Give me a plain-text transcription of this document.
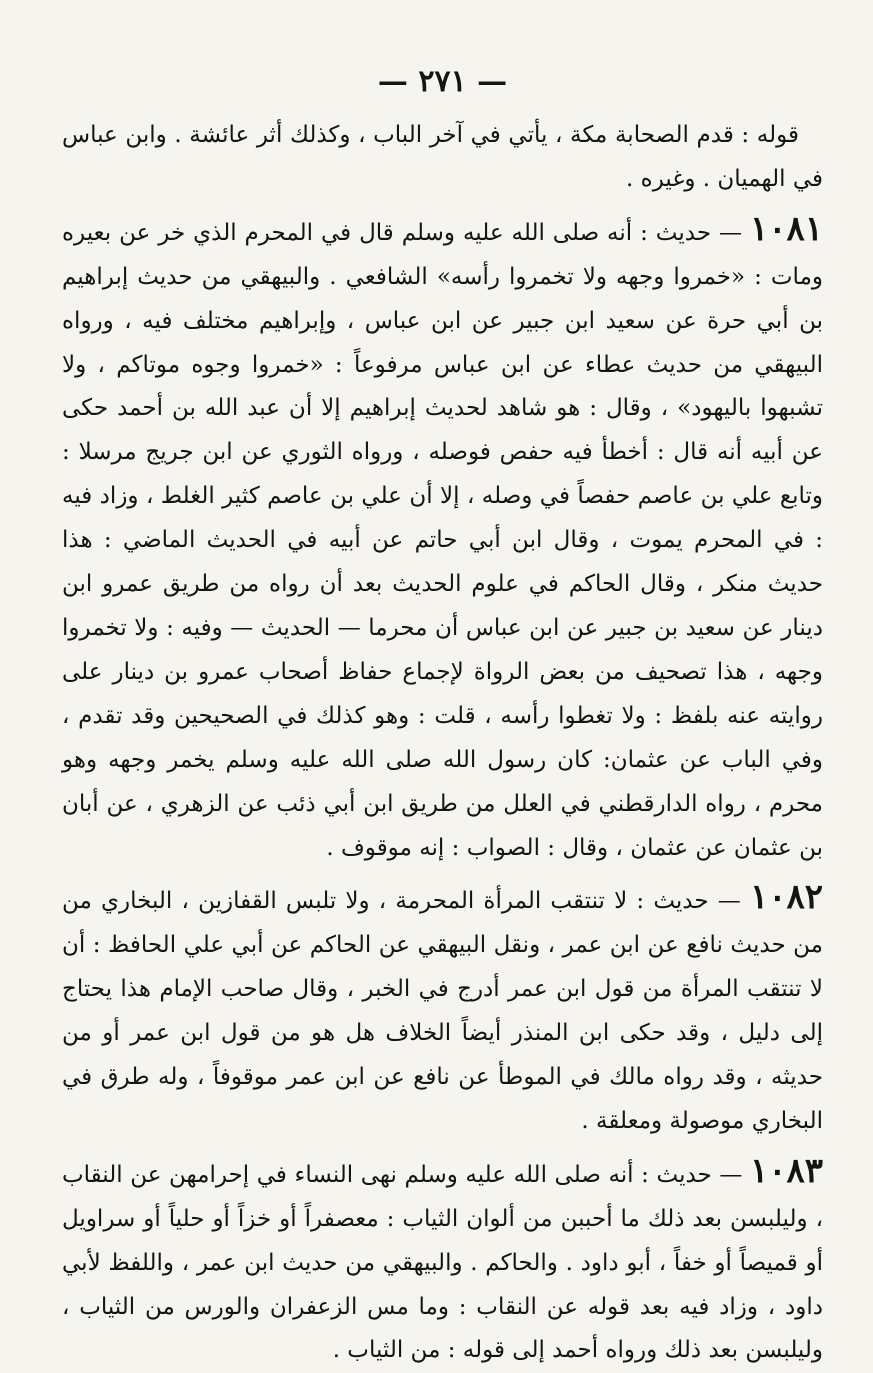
— ٢٧١ —

قوله : قدم الصحابة مكة ، يأتي في آخر الباب ، وكذلك أثر عائشة . وابن عباس في الهميان . وغيره .

١٠٨١ — حديث : أنه صلى الله عليه وسلم قال في المحرم الذي خر عن بعيره ومات : «خمروا وجهه ولا تخمروا رأسه» الشافعي . والبيهقي من حديث إبراهيم بن أبي حرة عن سعيد ابن جبير عن ابن عباس ، وإبراهيم مختلف فيه ، ورواه البيهقي من حديث عطاء عن ابن عباس مرفوعاً : «خمروا وجوه موتاكم ، ولا تشبهوا باليهود» ، وقال : هو شاهد لحديث إبراهيم إلا أن عبد الله بن أحمد حكى عن أبيه أنه قال : أخطأ فيه حفص فوصله ، ورواه الثوري عن ابن جريج مرسلا : وتابع علي بن عاصم حفصاً في وصله ، إلا أن علي بن عاصم كثير الغلط ، وزاد فيه : في المحرم يموت ، وقال ابن أبي حاتم عن أبيه في الحديث الماضي : هذا حديث منكر ، وقال الحاكم في علوم الحديث بعد أن رواه من طريق عمرو ابن دينار عن سعيد بن جبير عن ابن عباس أن محرما — الحديث — وفيه : ولا تخمروا وجهه ، هذا تصحيف من بعض الرواة لإجماع حفاظ أصحاب عمرو بن دينار على روايته عنه بلفظ : ولا تغطوا رأسه ، قلت : وهو كذلك في الصحيحين وقد تقدم ، وفي الباب عن عثمان: كان رسول الله صلى الله عليه وسلم يخمر وجهه وهو محرم ، رواه الدارقطني في العلل من طريق ابن أبي ذئب عن الزهري ، عن أبان بن عثمان عن عثمان ، وقال : الصواب : إنه موقوف .

١٠٨٢ — حديث : لا تنتقب المرأة المحرمة ، ولا تلبس القفازين ، البخاري من من حديث نافع عن ابن عمر ، ونقل البيهقي عن الحاكم عن أبي علي الحافظ : أن لا تنتقب المرأة من قول ابن عمر أدرج في الخبر ، وقال صاحب الإمام هذا يحتاج إلى دليل ، وقد حكى ابن المنذر أيضاً الخلاف هل هو من قول ابن عمر أو من حديثه ، وقد رواه مالك في الموطأ عن نافع عن ابن عمر موقوفاً ، وله طرق في البخاري موصولة ومعلقة .

١٠٨٣ — حديث : أنه صلى الله عليه وسلم نهى النساء في إحرامهن عن النقاب ، وليلبسن بعد ذلك ما أحببن من ألوان الثياب : معصفراً أو خزاً أو حلياً أو سراويل أو قميصاً أو خفاً ، أبو داود . والحاكم . والبيهقي من حديث ابن عمر ، واللفظ لأبي داود ، وزاد فيه بعد قوله عن النقاب : وما مس الزعفران والورس من الثياب ، وليلبسن بعد ذلك ورواه أحمد إلى قوله : من الثياب .
